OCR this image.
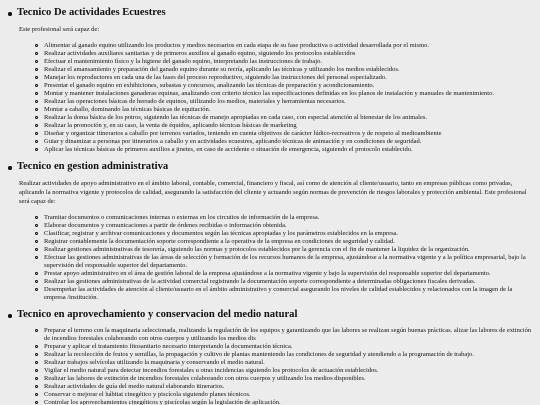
Tecnico De actividades Ecuestres

Este profesional será capaz de:

Alimentar al ganado equino utilizando los productos y medios necesarios en cada etapa de su fase productiva o actividad desarrollada por el mismo.
Realizar actividades auxiliares sanitarias y de primeros auxilios al ganado equino, siguiendo los protocolos establecidos
Efectuar el mantenimiento físico y la higiene del ganado equino, interpretando las instrucciones de trabajo.
Realizar el amansamiento y preparación del ganado equino durante su recría, aplicando las técnicas y utilizando los medios establecidos.
Manejar los reproductores en cada una de las fases del proceso reproductivo, siguiendo las instrucciones del personal especializado.
Presentar el ganado equino en exhibiciones, subastas y concursos, analizando las técnicas de preparación y acondicionamiento.
Montar y mantener instalaciones ganaderas equinas, analizando con criterio técnico las especificaciones definidas en los planos de instalación y manuales de mantenimiento.
Realizar las operaciones básicas de herrado de equinos, utilizando los medios, materiales y herramientas necesarios.
Montar a caballo, dominando las técnicas básicas de equitación.
Realizar la doma básica de los potros, siguiendo las técnicas de manejo apropiadas en cada caso, con especial atención al bienestar de los animales.
Realizar la promoción y, en su caso, la venta de équidos, aplicando técnicas básicas de marketing
Diseñar y organizar itinerarios a caballo por terrenos variados, teniendo en cuenta objetivos de carácter lúdico-recreativos y de respeto al medioambiente
Guiar y dinamizar a personas por itinerarios a caballo y en actividades ecuestres, aplicando técnicas de animación y en condiciones de seguridad.
Aplicar las técnicas básicas de primeros auxilios a jinetes, en caso de accidente o situación de emergencia, siguiendo el protocolo establecido.
Tecnico en gestion administrativa

Realizar actividades de apoyo administrativo en el ámbito laboral, contable, comercial, financiero y fiscal, así como de atención al cliente/usuario, tanto en empresas públicas como privadas, aplicando la normativa vigente y protocolos de calidad, asegurando la satisfacción del cliente y actuando según normas de prevención de riesgos laborales y protección ambiental. Este profesional será capaz de:

Tramitar documentos o comunicaciones internas o externas en los circuitos de información de la empresa.
Elaborar documentos y comunicaciones a partir de órdenes recibidas o información obtenida.
Clasificar, registrar y archivar comunicaciones y documentos según las técnicas apropiadas y los parámetros establecidos en la empresa.
Registrar contablemente la documentación soporte correspondiente a la operativa de la empresa en condiciones de seguridad y calidad.
Realizar gestiones administrativas de tesorería, siguiendo las normas y protocolos establecidos por la gerencia con el fin de mantener la liquidez de la organización.
Efectuar las gestiones administrativas de las áreas de selección y formación de los recursos humanos de la empresa, ajustándose a la normativa vigente y a la política empresarial, bajo la supervisión del responsable superior del departamento.
Prestar apoyo administrativo en el área de gestión laboral de la empresa ajustándose a la normativa vigente y bajo la supervisión del responsable superior del departamento.
Realizar las gestiones administrativas de la actividad comercial registrando la documentación soporte correspondiente a determinadas obligaciones fiscales derivadas.
Desempeñar las actividades de atención al cliente/usuario en el ámbito administrativo y comercial asegurando los niveles de calidad establecidos y relacionados con la imagen de la empresa /institución.
Tecnico en aprovechamiento y conservacion del medio natural
Preparar el terreno con la maquinaria seleccionada, realizando la regulación de los equipos y garantizando que las labores se realizan según buenas prácticas. alizar las labores de extinción de incendios forestales colaborando con otros cuerpos y utilizando los medios dis
Preparar y aplicar el tratamiento fitosanitario necesario interpretando la documentación técnica.
Realizar la recolección de frutos y semillas, la propagación y cultivo de plantas manteniendo las condiciones de seguridad y atendiendo a la programación de trabajo.
Realizar trabajos selvícolas utilizando la maquinaria y conservando el medio natural.
Vigilar el medio natural para detectar incendios forestales u otras incidencias siguiendo los protocolos de actuación establecidos.
Realizar las labores de extinción de incendios forestales colaborando con otros cuerpos y utilizando los medios disponibles.
Realizar actividades de guía del medio natural elaborando itinerarios.
Conservar o mejorar el hábitat cinegético y piscícola siguiendo planes técnicos.
Controlar los aprovechamientos cinegéticos y piscícolas según la legislación de aplicación.
